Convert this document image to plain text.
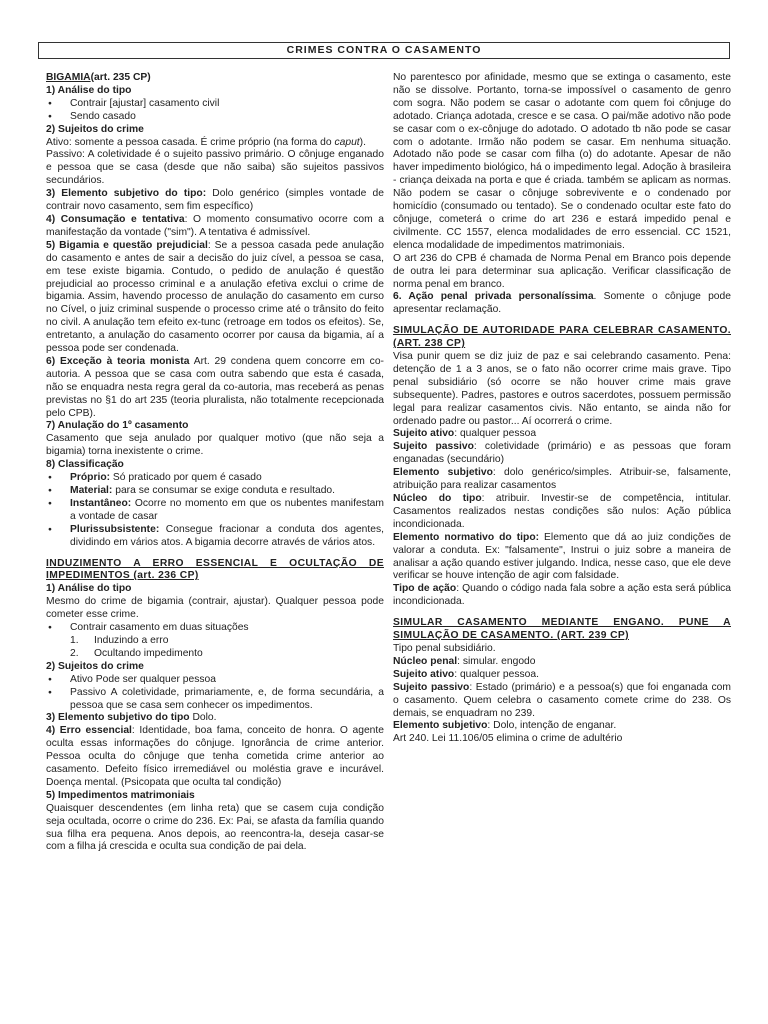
CRIMES CONTRA O CASAMENTO

BIGAMIA(art. 235 CP)

1) Análise do tipo

● Contrair [ajustar] casamento civil
● Sendo casado

2) Sujeitos do crime

Ativo: somente a pessoa casada. É crime próprio (na forma do caput).

Passivo: A coletividade é o sujeito passivo primário. O cônjuge enganado e pessoa que se casa (desde que não saiba) são sujeitos passivos secundários.

3) Elemento subjetivo do tipo: Dolo genérico (simples vontade de contrair novo casamento, sem fim específico)

4) Consumação e tentativa: O momento consumativo ocorre com a manifestação da vontade ("sim"). A tentativa é admissível.

5) Bigamia e questão prejudicial: Se a pessoa casada pede anulação do casamento e antes de sair a decisão do juiz cível, a pessoa se casa, em tese existe bigamia. Contudo, o pedido de anulação é questão prejudicial ao processo criminal e a anulação efetiva exclui o crime de bigamia. Assim, havendo processo de anulação do casamento em curso no Cível, o juiz criminal suspende o processo crime até o trânsito do feito no civil. A anulação tem efeito ex-tunc (retroage em todos os efeitos). Se, entretanto, a anulação do casamento ocorrer por causa da bigamia, aí a pessoa pode ser condenada.

6) Exceção à teoria monista Art. 29 condena quem concorre em co-autoria. A pessoa que se casa com outra sabendo que esta é casada, não se enquadra nesta regra geral da co-autoria, mas receberá as penas previstas no §1 do art 235 (teoria pluralista, não totalmente recepcionada pelo CPB).

7) Anulação do 1º casamento

Casamento que seja anulado por qualquer motivo (que não seja a bigamia) torna inexistente o crime.

8) Classificação

● Próprio: Só praticado por quem é casado
● Material: para se consumar se exige conduta e resultado.
● Instantâneo: Ocorre no momento em que os nubentes manifestam a vontade de casar
● Plurissubsistente: Consegue fracionar a conduta dos agentes, dividindo em vários atos. A bigamia decorre através de vários atos.

INDUZIMENTO A ERRO ESSENCIAL E OCULTAÇÃO DE IMPEDIMENTOS (art. 236 CP)

1) Análise do tipo

Mesmo do crime de bigamia (contrair, ajustar). Qualquer pessoa pode cometer esse crime.

● Contrair casamento em duas situações
1. Induzindo a erro
2. Ocultando impedimento

2) Sujeitos do crime

● Ativo Pode ser qualquer pessoa
● Passivo A coletividade, primariamente, e, de forma secundária, a pessoa que se casa sem conhecer os impedimentos.

3) Elemento subjetivo do tipo Dolo.

4) Erro essencial: Identidade, boa fama, conceito de honra. O agente oculta essas informações do cônjuge. Ignorância de crime anterior. Pessoa oculta do cônjuge que tenha cometida crime anterior ao casamento. Defeito físico irremediável ou moléstia grave e incurável. Doença mental. (Psicopata que oculta tal condição)

5) Impedimentos matrimoniais

Quaisquer descendentes (em linha reta) que se casem cuja condição seja ocultada, ocorre o crime do 236. Ex: Pai, se afasta da família quando sua filha era pequena. Anos depois, ao reencontra-la, deseja casar-se com a filha já crescida e oculta sua condição de pai dela.

No parentesco por afinidade, mesmo que se extinga o casamento, este não se dissolve. Portanto, torna-se impossível o casamento de genro com sogra. Não podem se casar o adotante com quem foi cônjuge do adotado. Criança adotada, cresce e se casa. O pai/mãe adotivo não pode se casar com o ex-cônjuge do adotado. O adotado tb não pode se casar com o adotante. Irmão não podem se casar. Em nenhuma situação. Adotado não pode se casar com filha (o) do adotante. Apesar de não haver impedimento biológico, há o impedimento legal. Adoção à brasileira - criança deixada na porta e que é criada. também se aplicam as normas. Não podem se casar o cônjuge sobrevivente e o condenado por homicídio (consumado ou tentado). Se o condenado ocultar este fato do cônjuge, cometerá o crime do art 236 e estará impedido penal e civilmente. CC 1557, elenca modalidades de erro essencial. CC 1521, elenca modalidade de impedimentos matrimoniais.

O art 236 do CPB é chamada de Norma Penal em Branco pois depende de outra lei para determinar sua aplicação. Verificar classificação de norma penal em branco.

6. Ação penal privada personalíssima. Somente o cônjuge pode apresentar reclamação.

SIMULAÇÃO DE AUTORIDADE PARA CELEBRAR CASAMENTO. (ART. 238 CP)

Visa punir quem se diz juiz de paz e sai celebrando casamento. Pena: detenção de 1 a 3 anos, se o fato não ocorrer crime mais grave. Tipo penal subsidiário (só ocorre se não houver crime mais grave subsequente). Padres, pastores e outros sacerdotes, possuem permissão legal para realizar casamentos civis. Não entanto, se ainda não for ordenado padre ou pastor... Aí ocorrerá o crime.

Sujeito ativo: qualquer pessoa

Sujeito passivo: coletividade (primário) e as pessoas que foram enganadas (secundário)

Elemento subjetivo: dolo genérico/simples. Atribuir-se, falsamente, atribuição para realizar casamentos

Núcleo do tipo: atribuir. Investir-se de competência, intitular. Casamentos realizados nestas condições são nulos: Ação pública incondicionada.

Elemento normativo do tipo: Elemento que dá ao juiz condições de valorar a conduta. Ex: "falsamente", Instrui o juiz sobre a maneira de analisar a ação quando estiver julgando. Indica, nesse caso, que ele deve verificar se houve intenção de agir com falsidade.

Tipo de ação: Quando o código nada fala sobre a ação esta será pública incondicionada.

SIMULAR CASAMENTO MEDIANTE ENGANO. PUNE A SIMULAÇÃO DE CASAMENTO. (ART. 239 CP)

Tipo penal subsidiário.

Núcleo penal: simular. engodo

Sujeito ativo: qualquer pessoa.

Sujeito passivo: Estado (primário) e a pessoa(s) que foi enganada com o casamento. Quem celebra o casamento comete crime do 238. Os demais, se enquadram no 239.

Elemento subjetivo: Dolo, intenção de enganar.

Art 240. Lei 11.106/05 elimina o crime de adultério
